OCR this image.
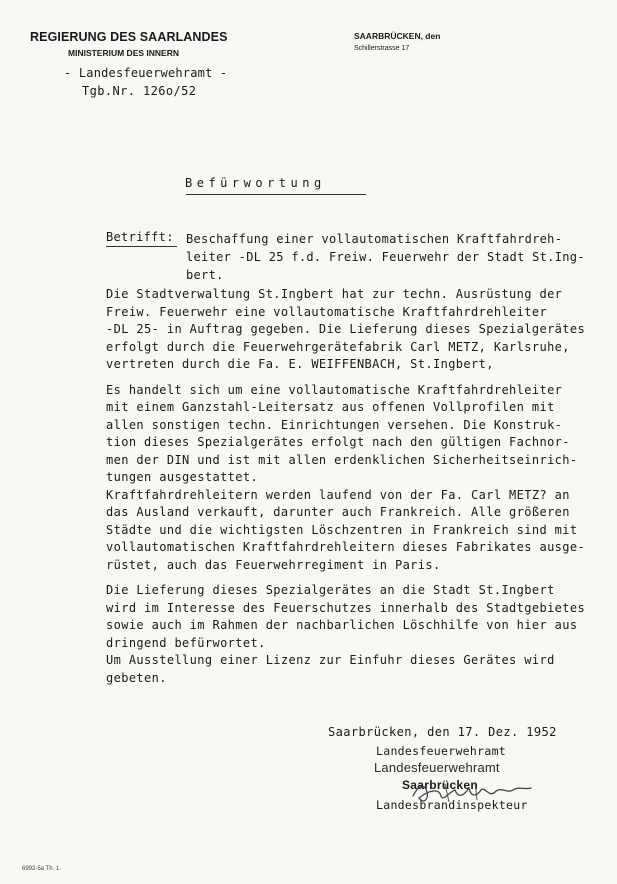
REGIERUNG DES SAARLANDES
MINISTERIUM DES INNERN
- Landesfeuerwehramt -
Tgb.Nr. 126o/52
SAARBRÜCKEN, den
Schillerstrasse 17
Befürwortung
Betrifft: Beschaffung einer vollautomatischen Kraftfahrdreh-
leiter -DL 25 f.d. Freiw. Feuerwehr der Stadt St.Ing-
bert.
Die Stadtverwaltung St.Ingbert hat zur techn. Ausrüstung der
Freiw. Feuerwehr eine vollautomatische Kraftfahrdrehleiter
-DL 25- in Auftrag gegeben. Die Lieferung dieses Spezialgerätes
erfolgt durch die Feuerwehrgerätefabrik Carl METZ, Karlsruhe,
vertreten durch die Fa. E. WEIFFENBACH, St.Ingbert,
Es handelt sich um eine vollautomatische Kraftfahrdrehleiter
mit einem Ganzstahl-Leitersatz aus offenen Vollprofilen mit
allen sonstigen techn. Einrichtungen versehen. Die Konstruk-
tion dieses Spezialgerätes erfolgt nach den gültigen Fachnor-
men der DIN und ist mit allen erdenklichen Sicherheitseinrich-
tungen ausgestattet.
Kraftfahrdrehleitern werden laufend von der Fa. Carl METZ? an
das Ausland verkauft, darunter auch Frankreich. Alle größeren
Städte und die wichtigsten Löschzentren in Frankreich sind mit
vollautomatischen Kraftfahrdrehleitern dieses Fabrikates ausge-
rüstet, auch das Feuerwehrregiment in Paris.
Die Lieferung dieses Spezialgerätes an die Stadt St.Ingbert
wird im Interesse des Feuerschutzes innerhalb des Stadtgebietes
sowie auch im Rahmen der nachbarlichen Löschhilfe von hier aus
dringend befürwortet.
Um Ausstellung einer Lizenz zur Einfuhr dieses Gerätes wird
gebeten.
Saarbrücken, den 17. Dez. 1952
Landesfeuerwehramt
Landesfeuerwehramt
Saarbrücken
Landesbrandinspekteur
6992-5a Th. 1.
